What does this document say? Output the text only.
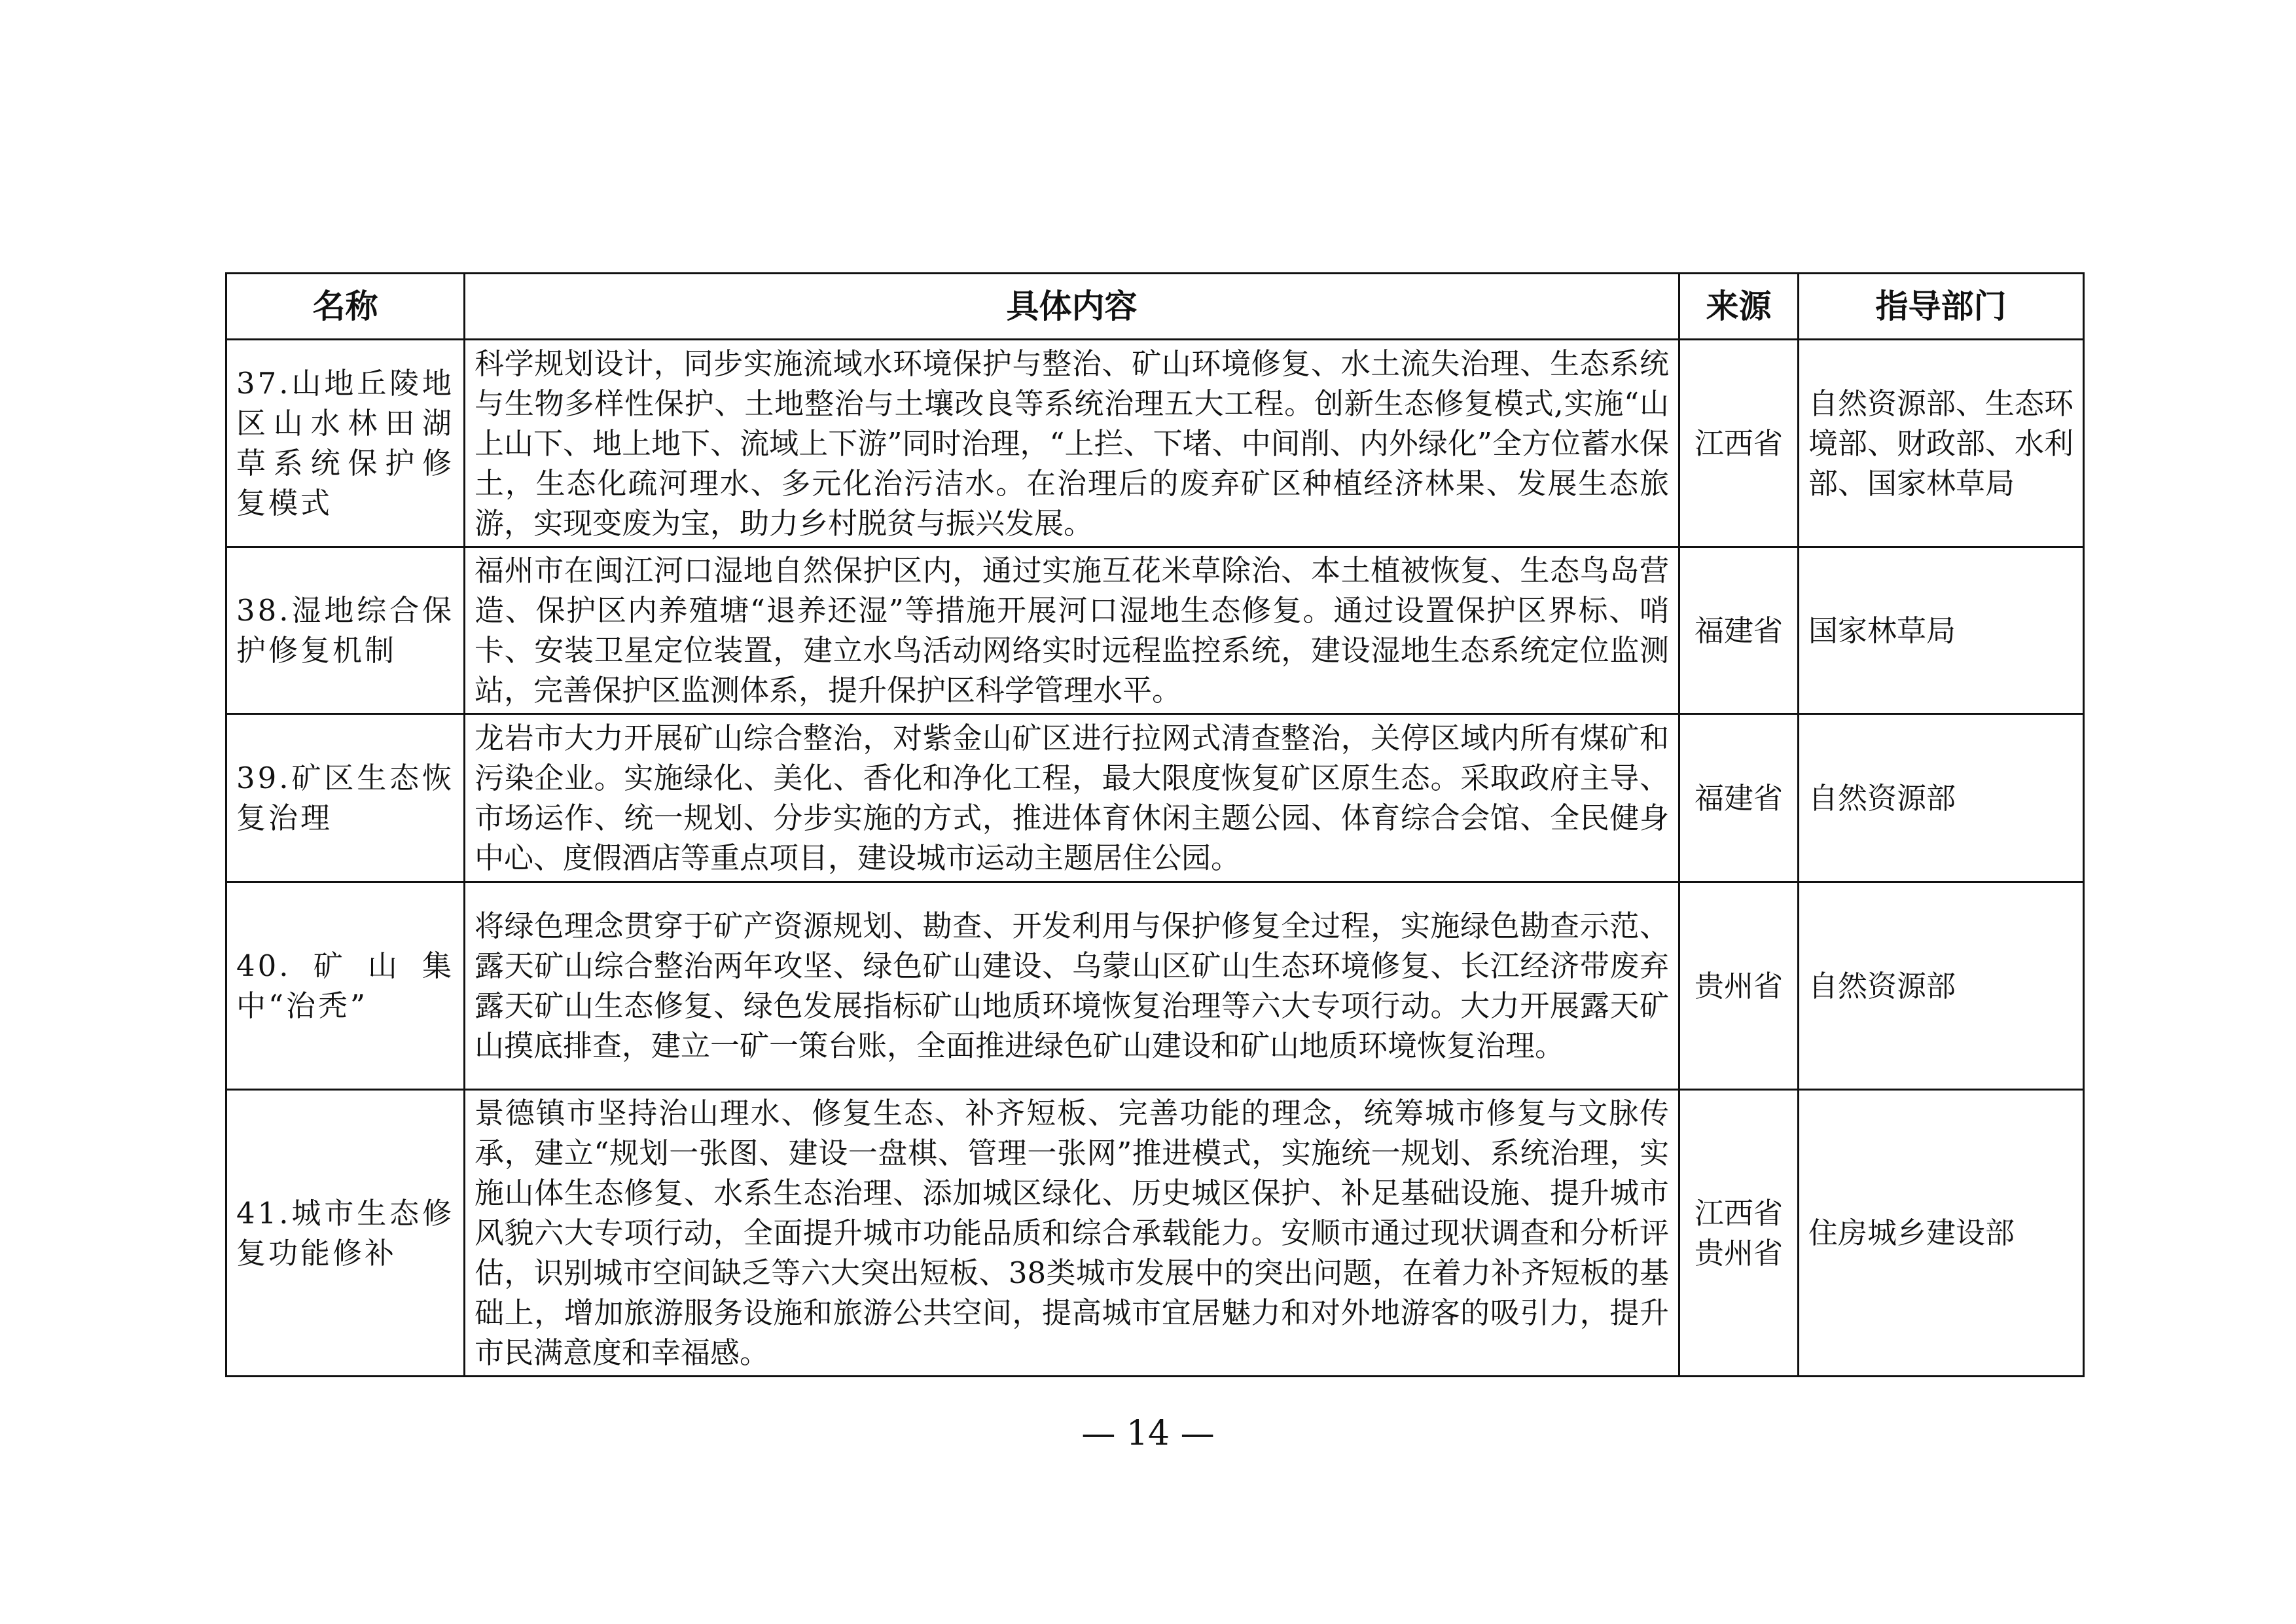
名称	具体内容	来源	指导部门
37.山地丘陵地区山水林田湖草系统保护修复模式	科学规划设计，同步实施流域水环境保护与整治、矿山环境修复、水土流失治理、生态系统与生物多样性保护、土地整治与土壤改良等系统治理五大工程。创新生态修复模式,实施“山上山下、地上地下、流域上下游”同时治理，“上拦、下堵、中间削、内外绿化”全方位蓄水保土，生态化疏河理水、多元化治污洁水。在治理后的废弃矿区种植经济林果、发展生态旅游，实现变废为宝，助力乡村脱贫与振兴发展。	江西省	自然资源部、生态环境部、财政部、水利部、国家林草局
38.湿地综合保护修复机制	福州市在闽江河口湿地自然保护区内，通过实施互花米草除治、本土植被恢复、生态鸟岛营造、保护区内养殖塘“退养还湿”等措施开展河口湿地生态修复。通过设置保护区界标、哨卡、安装卫星定位装置，建立水鸟活动网络实时远程监控系统，建设湿地生态系统定位监测站，完善保护区监测体系，提升保护区科学管理水平。	福建省	国家林草局
39.矿区生态恢复治理	龙岩市大力开展矿山综合整治，对紫金山矿区进行拉网式清查整治，关停区域内所有煤矿和污染企业。实施绿化、美化、香化和净化工程，最大限度恢复矿区原生态。采取政府主导、市场运作、统一规划、分步实施的方式，推进体育休闲主题公园、体育综合会馆、全民健身中心、度假酒店等重点项目，建设城市运动主题居住公园。	福建省	自然资源部
40.矿山集中“治秃”	将绿色理念贯穿于矿产资源规划、勘查、开发利用与保护修复全过程，实施绿色勘查示范、露天矿山综合整治两年攻坚、绿色矿山建设、乌蒙山区矿山生态环境修复、长江经济带废弃露天矿山生态修复、绿色发展指标矿山地质环境恢复治理等六大专项行动。大力开展露天矿山摸底排查，建立一矿一策台账，全面推进绿色矿山建设和矿山地质环境恢复治理。	贵州省	自然资源部
41.城市生态修复功能修补	景德镇市坚持治山理水、修复生态、补齐短板、完善功能的理念，统筹城市修复与文脉传承，建立“规划一张图、建设一盘棋、管理一张网”推进模式，实施统一规划、系统治理，实施山体生态修复、水系生态治理、添加城区绿化、历史城区保护、补足基础设施、提升城市风貌六大专项行动，全面提升城市功能品质和综合承载能力。安顺市通过现状调查和分析评估，识别城市空间缺乏等六大突出短板、38类城市发展中的突出问题，在着力补齐短板的基础上，增加旅游服务设施和旅游公共空间，提高城市宜居魅力和对外地游客的吸引力，提升市民满意度和幸福感。	江西省 贵州省	住房城乡建设部
— 14 —
